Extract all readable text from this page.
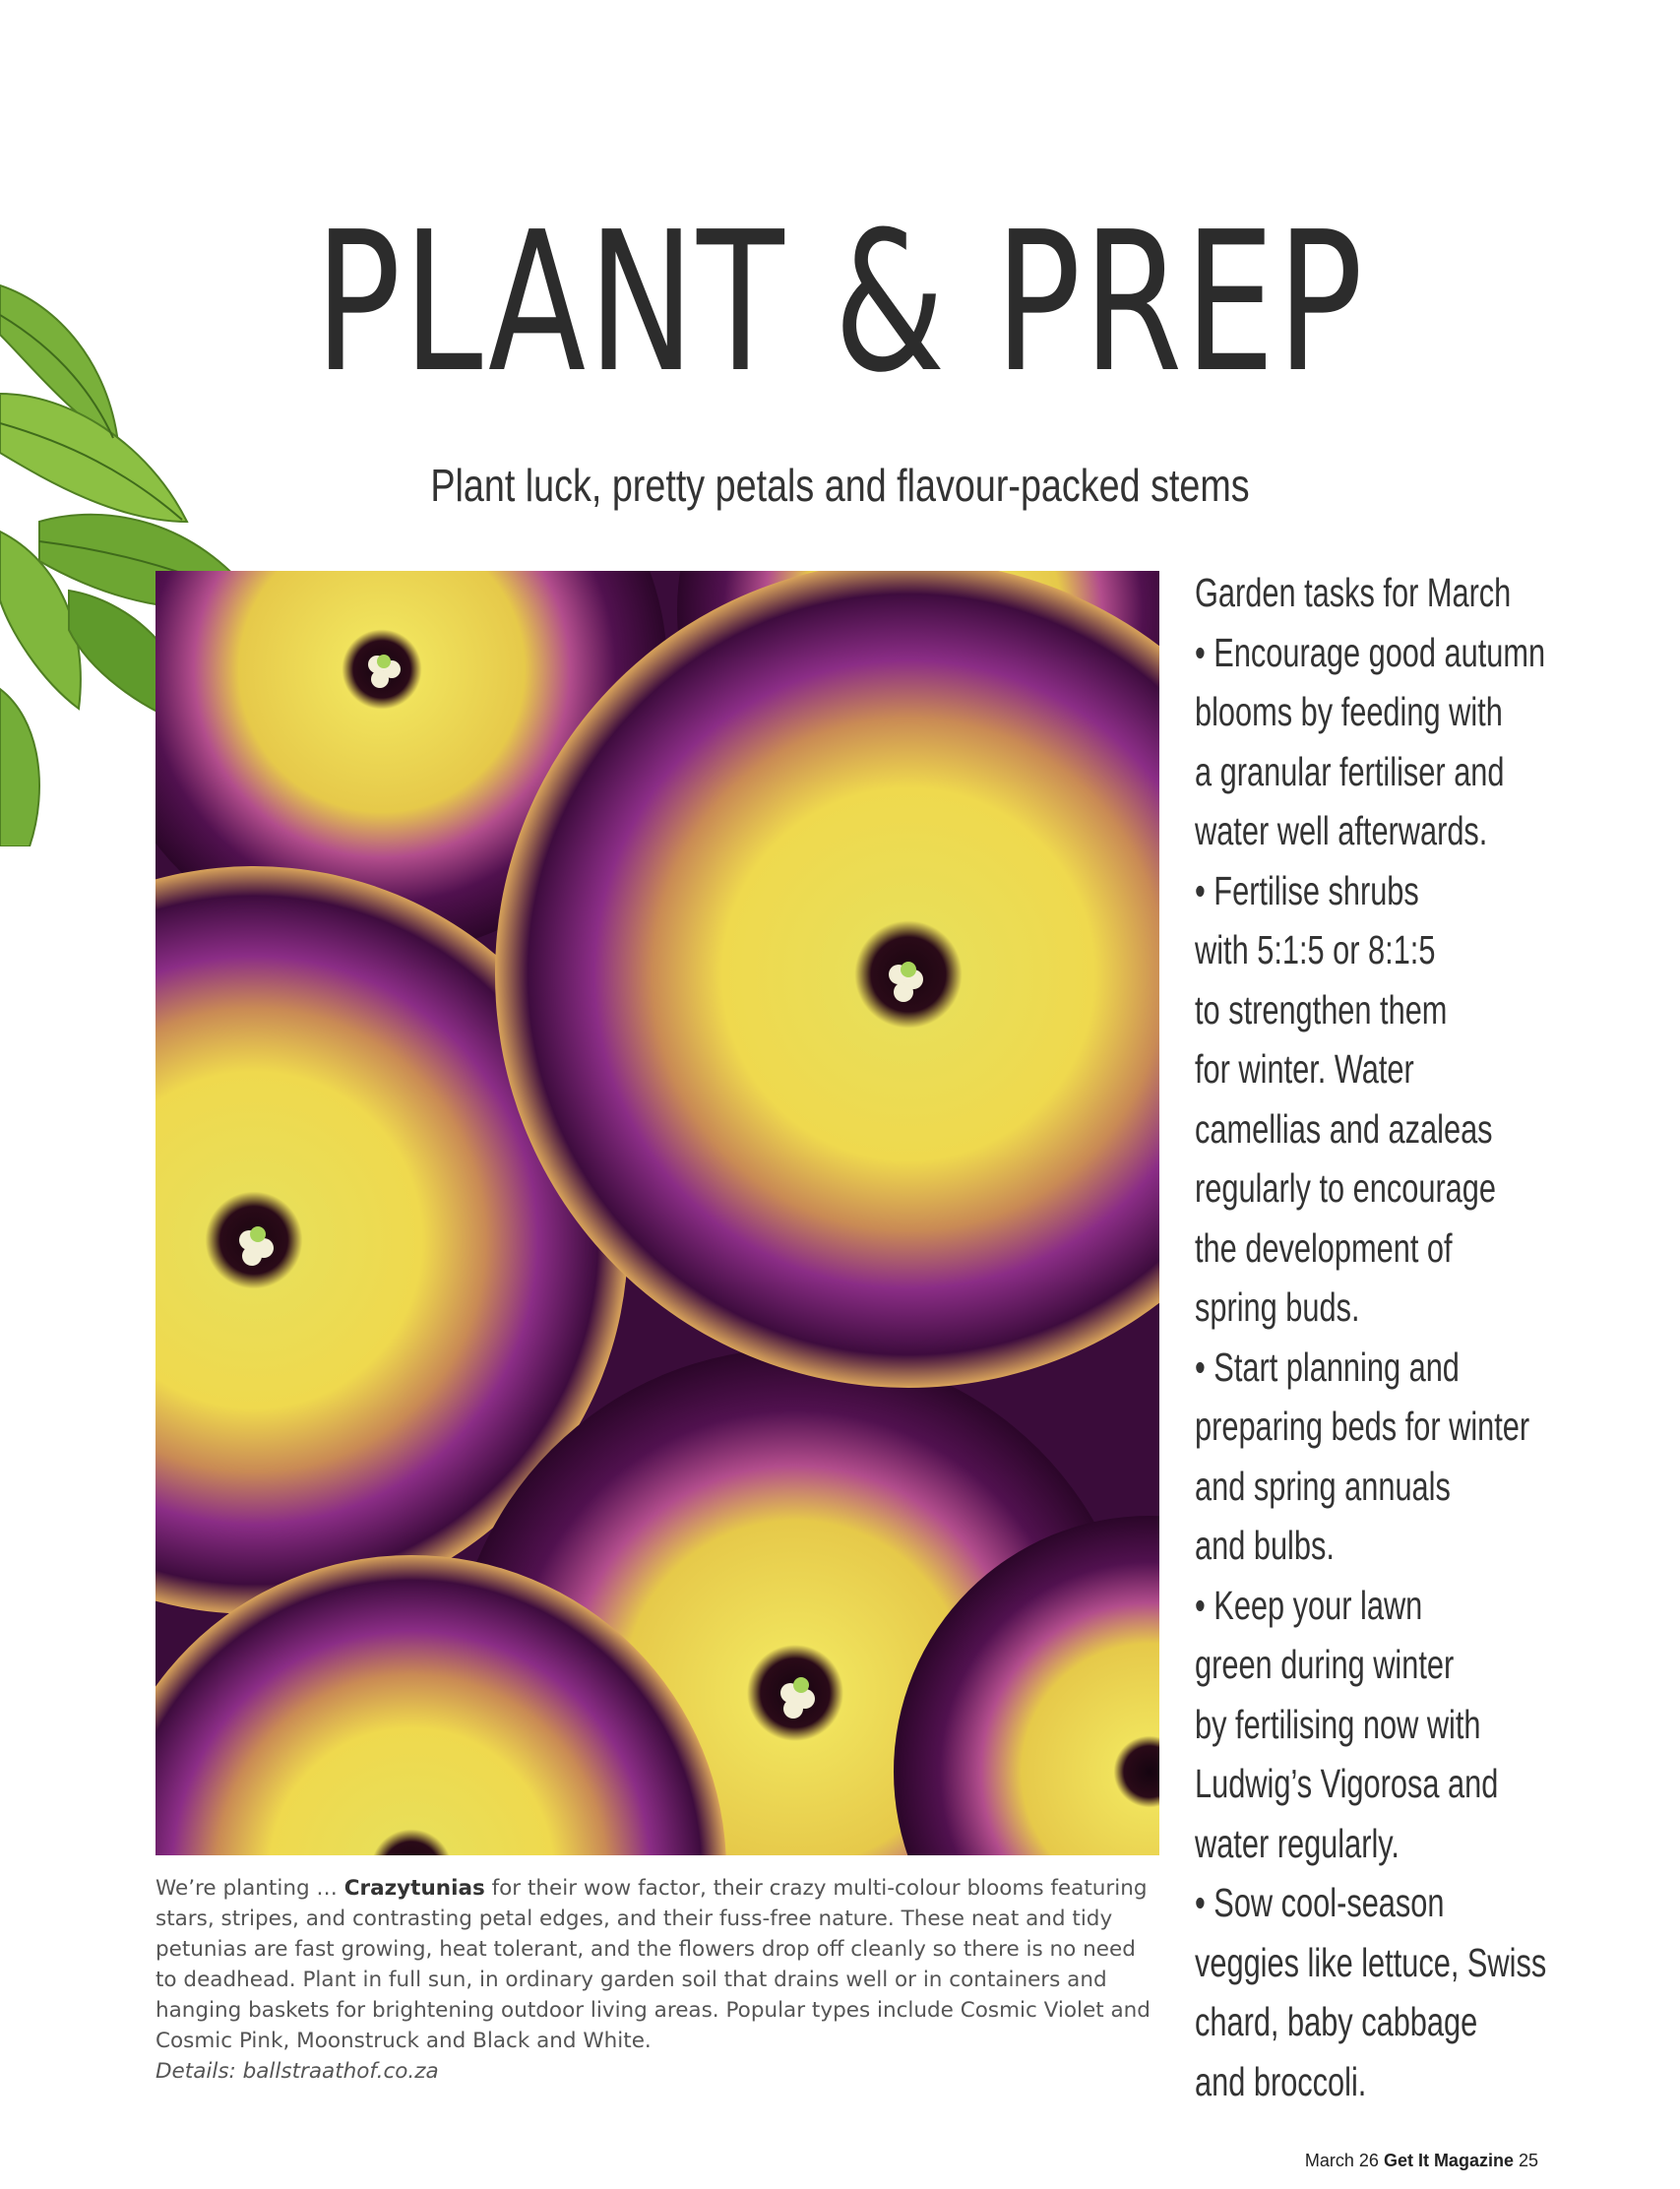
PLANT & PREP
Plant luck, pretty petals and flavour-packed stems
We’re planting … Crazytunias for their wow factor, their crazy multi-colour blooms featuring stars, stripes, and contrasting petal edges, and their fuss-free nature. These neat and tidy petunias are fast growing, heat tolerant, and the flowers drop off cleanly so there is no need to deadhead. Plant in full sun, in ordinary garden soil that drains well or in containers and hanging baskets for brightening outdoor living areas. Popular types include Cosmic Violet and Cosmic Pink, Moonstruck and Black and White.
Details: ballstraathof.co.za
Garden tasks for March
• Encourage good autumn
blooms by feeding with
a granular fertiliser and
water well afterwards.
• Fertilise shrubs
with 5:1:5 or 8:1:5
to strengthen them
for winter. Water
camellias and azaleas
regularly to encourage
the development of
spring buds.
• Start planning and
preparing beds for winter
and spring annuals
and bulbs.
• Keep your lawn
green during winter
by fertilising now with
Ludwig’s Vigorosa and
water regularly.
• Sow cool-season
veggies like lettuce, Swiss
chard, baby cabbage
and broccoli.
March 26 Get It Magazine 25
